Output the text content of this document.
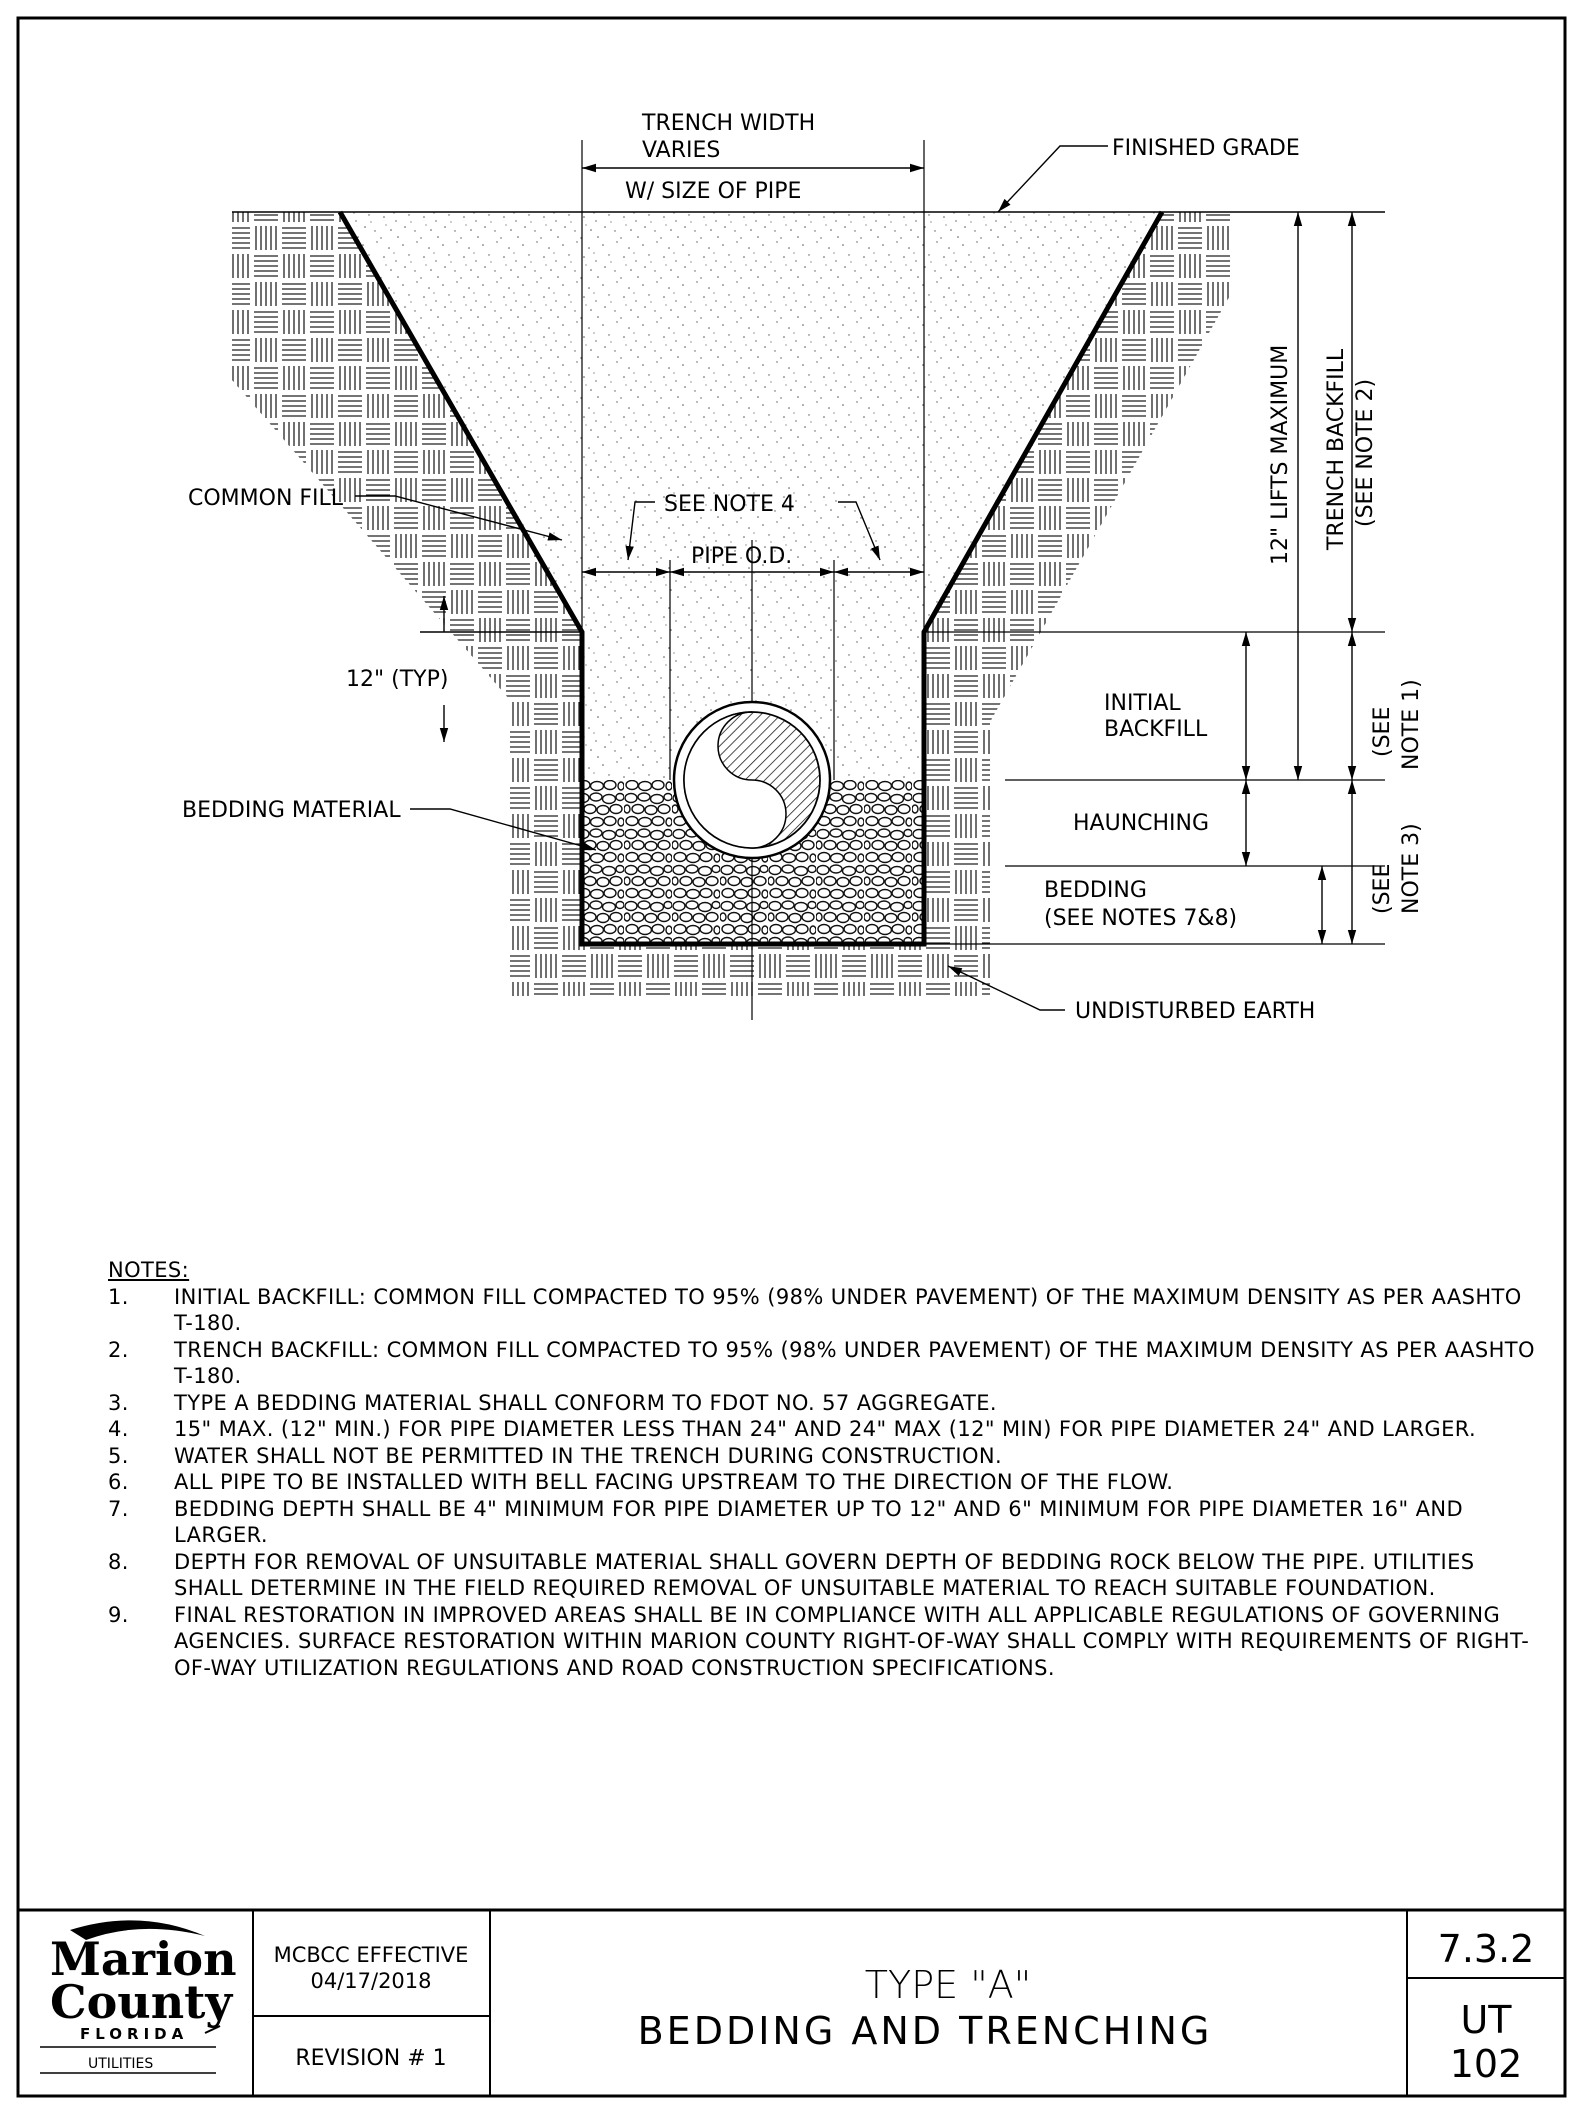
TRENCH WIDTH
VARIES
W/ SIZE OF PIPE
FINISHED GRADE
COMMON FILL	SEE NOTE 4
PIPE O.D.
12" (TYP)
INITIAL
BACKFILL
HAUNCHING
BEDDING
(SEE NOTES 7&8)
BEDDING MATERIAL
UNDISTURBED EARTH
12" LIFTS MAXIMUM TRENCH BACKFILL (SEE NOTE 2)
(SEE NOTE 1)
(SEE NOTE 3)
Marion
County
FLORIDA
UTILITIES
MCBCC EFFECTIVE
04/17/2018
REVISION # 1
TYPE "A"
BEDDING AND TRENCHING
7.3.2
UT
102
NOTES:
1.	INITIAL BACKFILL: COMMON FILL COMPACTED TO 95% (98% UNDER PAVEMENT) OF THE MAXIMUM DENSITY AS PER AASHTO T-180.
2.	TRENCH BACKFILL: COMMON FILL COMPACTED TO 95% (98% UNDER PAVEMENT) OF THE MAXIMUM DENSITY AS PER AASHTO T-180.
3.	TYPE A BEDDING MATERIAL SHALL CONFORM TO FDOT NO. 57 AGGREGATE.
4.	15" MAX. (12" MIN.) FOR PIPE DIAMETER LESS THAN 24" AND 24" MAX (12" MIN) FOR PIPE DIAMETER 24" AND LARGER.
5.	WATER SHALL NOT BE PERMITTED IN THE TRENCH DURING CONSTRUCTION.
6.	ALL PIPE TO BE INSTALLED WITH BELL FACING UPSTREAM TO THE DIRECTION OF THE FLOW.
7.	BEDDING DEPTH SHALL BE 4" MINIMUM FOR PIPE DIAMETER UP TO 12" AND 6" MINIMUM FOR PIPE DIAMETER 16" AND LARGER.
8.	DEPTH FOR REMOVAL OF UNSUITABLE MATERIAL SHALL GOVERN DEPTH OF BEDDING ROCK BELOW THE PIPE. UTILITIES SHALL DETERMINE IN THE FIELD REQUIRED REMOVAL OF UNSUITABLE MATERIAL TO REACH SUITABLE FOUNDATION.
9.	FINAL RESTORATION IN IMPROVED AREAS SHALL BE IN COMPLIANCE WITH ALL APPLICABLE REGULATIONS OF GOVERNING AGENCIES. SURFACE RESTORATION WITHIN MARION COUNTY RIGHT-OF-WAY SHALL COMPLY WITH REQUIREMENTS OF RIGHT-OF-WAY UTILIZATION REGULATIONS AND ROAD CONSTRUCTION SPECIFICATIONS.
